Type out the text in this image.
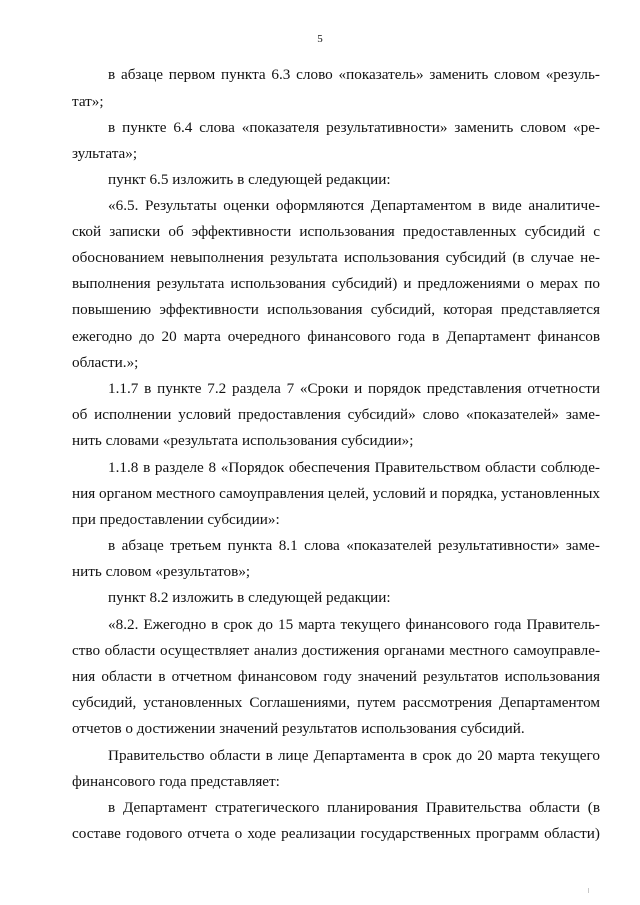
5
в абзаце первом пункта 6.3 слово «показатель» заменить словом «резуль-
тат»;
в пункте 6.4 слова «показателя результативности» заменить словом «ре-
зультата»;
пункт 6.5 изложить в следующей редакции:
«6.5. Результаты оценки оформляются Департаментом в виде аналитиче-
ской записки об эффективности использования предоставленных субсидий с
обоснованием невыполнения результата использования субсидий (в случае не-
выполнения результата использования субсидий) и предложениями о мерах по
повышению эффективности использования субсидий, которая представляется
ежегодно до 20 марта очередного финансового года в Департамент финансов
области.»;
1.1.7 в пункте 7.2 раздела 7 «Сроки и порядок представления отчетности
об исполнении условий предоставления субсидий» слово «показателей» заме-
нить словами «результата использования субсидии»;
1.1.8 в разделе 8 «Порядок обеспечения Правительством области соблюде-
ния органом местного самоуправления целей, условий и порядка, установленных
при предоставлении субсидии»:
в абзаце третьем пункта 8.1 слова «показателей результативности» заме-
нить словом «результатов»;
пункт 8.2 изложить в следующей редакции:
«8.2. Ежегодно в срок до 15 марта текущего финансового года Правитель-
ство области осуществляет анализ достижения органами местного самоуправле-
ния области в отчетном финансовом году значений результатов использования
субсидий, установленных Соглашениями, путем рассмотрения Департаментом
отчетов о достижении значений результатов использования субсидий.
Правительство области в лице Департамента в срок до 20 марта текущего
финансового года представляет:
в Департамент стратегического планирования Правительства области (в
составе годового отчета о ходе реализации государственных программ области)
